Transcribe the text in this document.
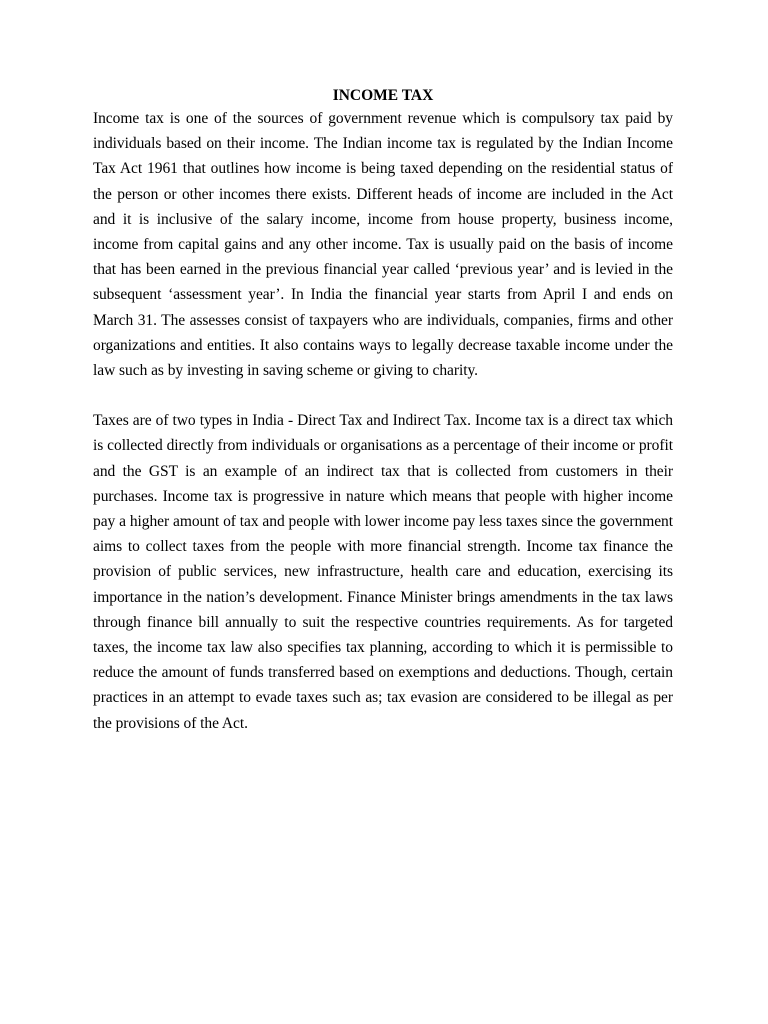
INCOME TAX

Income tax is one of the sources of government revenue which is compulsory tax paid by individuals based on their income. The Indian income tax is regulated by the Indian Income Tax Act 1961 that outlines how income is being taxed depending on the residential status of the person or other incomes there exists. Different heads of income are included in the Act and it is inclusive of the salary income, income from house property, business income, income from capital gains and any other income. Tax is usually paid on the basis of income that has been earned in the previous financial year called ‘previous year’ and is levied in the subsequent ‘assessment year’. In India the financial year starts from April I and ends on March 31. The assesses consist of taxpayers who are individuals, companies, firms and other organizations and entities. It also contains ways to legally decrease taxable income under the law such as by investing in saving scheme or giving to charity.

Taxes are of two types in India - Direct Tax and Indirect Tax. Income tax is a direct tax which is collected directly from individuals or organisations as a percentage of their income or profit and the GST is an example of an indirect tax that is collected from customers in their purchases. Income tax is progressive in nature which means that people with higher income pay a higher amount of tax and people with lower income pay less taxes since the government aims to collect taxes from the people with more financial strength. Income tax finance the provision of public services, new infrastructure, health care and education, exercising its importance in the nation’s development. Finance Minister brings amendments in the tax laws through finance bill annually to suit the respective countries requirements. As for targeted taxes, the income tax law also specifies tax planning, according to which it is permissible to reduce the amount of funds transferred based on exemptions and deductions. Though, certain practices in an attempt to evade taxes such as; tax evasion are considered to be illegal as per the provisions of the Act.
